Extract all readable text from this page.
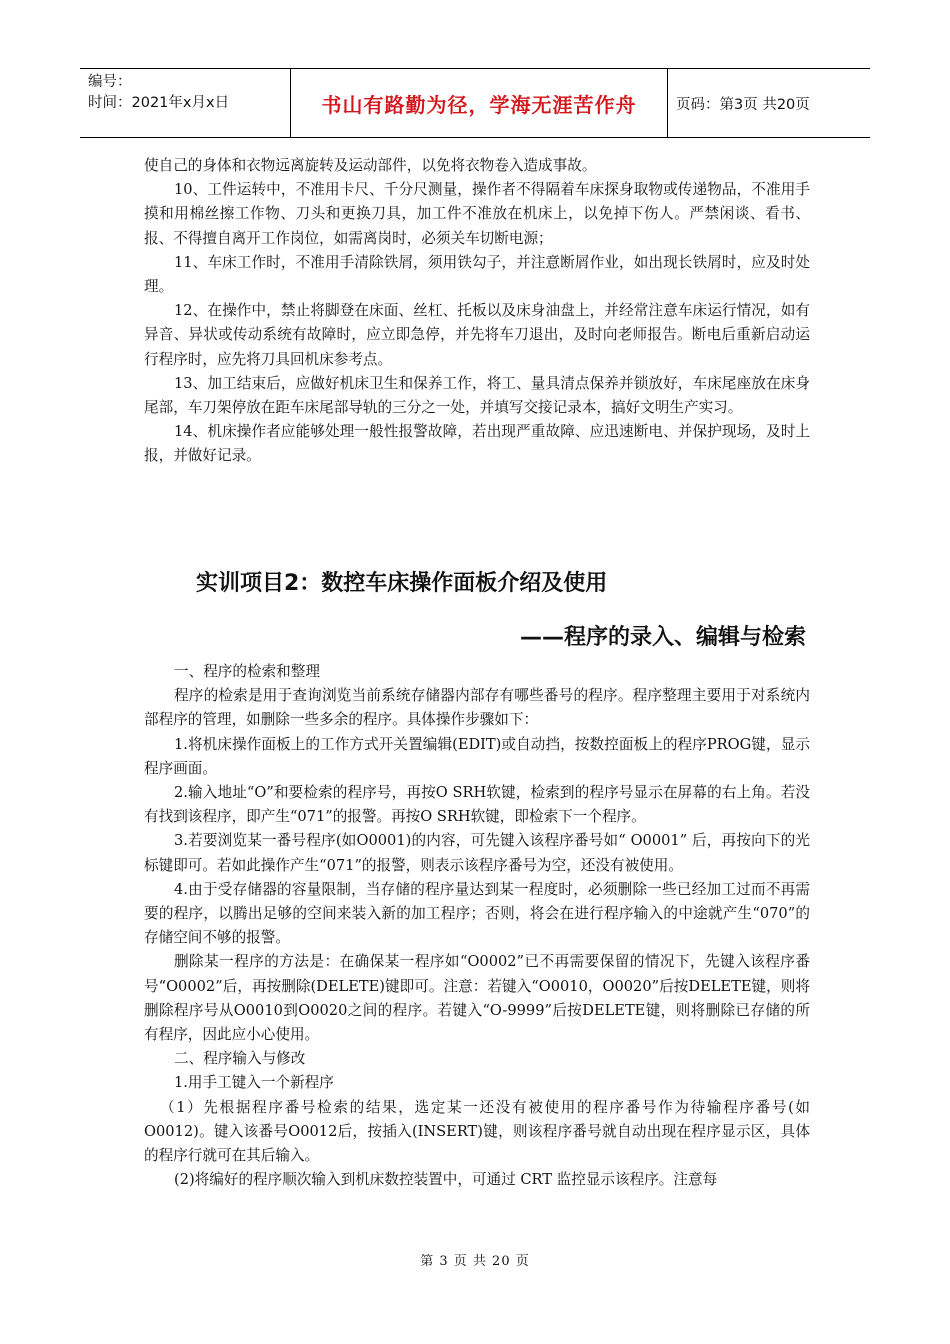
编号：
时间：2021年x月x日	书山有路勤为径，学海无涯苦作舟	页码：第3页 共20页

使自己的身体和衣物远离旋转及运动部件，以免将衣物卷入造成事故。

10、工件运转中，不准用卡尺、千分尺测量，操作者不得隔着车床探身取物或传递物品，不准用手摸和用棉丝擦工作物、刀头和更换刀具，加工件不准放在机床上，以免掉下伤人。严禁闲谈、看书、报、不得擅自离开工作岗位，如需离岗时，必须关车切断电源；

11、车床工作时，不准用手清除铁屑，须用铁勾子，并注意断屑作业，如出现长铁屑时，应及时处理。

12、在操作中，禁止将脚登在床面、丝杠、托板以及床身油盘上，并经常注意车床运行情况，如有异音、异状或传动系统有故障时，应立即急停，并先将车刀退出，及时向老师报告。断电后重新启动运行程序时，应先将刀具回机床参考点。

13、加工结束后，应做好机床卫生和保养工作，将工、量具清点保养并锁放好，车床尾座放在床身尾部，车刀架停放在距车床尾部导轨的三分之一处，并填写交接记录本，搞好文明生产实习。

14、机床操作者应能够处理一般性报警故障，若出现严重故障、应迅速断电、并保护现场，及时上报，并做好记录。

实训项目2：数控车床操作面板介绍及使用
——程序的录入、编辑与检索

一、程序的检索和整理

程序的检索是用于查询浏览当前系统存储器内部存有哪些番号的程序。程序整理主要用于对系统内部程序的管理，如删除一些多余的程序。具体操作步骤如下：

1.将机床操作面板上的工作方式开关置编辑(EDIT)或自动挡，按数控面板上的程序PROG键，显示程序画面。

2.输入地址“O”和要检索的程序号，再按O SRH软键，检索到的程序号显示在屏幕的右上角。若没有找到该程序，即产生“071”的报警。再按O SRH软键，即检索下一个程序。

3.若要浏览某一番号程序(如O0001)的内容，可先键入该程序番号如“ O0001” 后，再按向下的光标键即可。若如此操作产生“071”的报警，则表示该程序番号为空，还没有被使用。

4.由于受存储器的容量限制，当存储的程序量达到某一程度时，必须删除一些已经加工过而不再需要的程序，以腾出足够的空间来装入新的加工程序；否则，将会在进行程序输入的中途就产生“070”的存储空间不够的报警。

删除某一程序的方法是：在确保某一程序如“O0002”已不再需要保留的情况下，先键入该程序番号“O0002”后，再按删除(DELETE)键即可。注意：若键入“O0010，O0020”后按DELETE键，则将删除程序号从O0010到O0020之间的程序。若键入“O-9999”后按DELETE键，则将删除已存储的所有程序，因此应小心使用。

二、程序输入与修改

1.用手工键入一个新程序

（1）先根据程序番号检索的结果，选定某一还没有被使用的程序番号作为待输程序番号(如O0012)。键入该番号O0012后，按插入(INSERT)键，则该程序番号就自动出现在程序显示区，具体的程序行就可在其后输入。

(2)将编好的程序顺次输入到机床数控装置中，可通过 CRT 监控显示该程序。注意每

第 3 页 共 20 页
